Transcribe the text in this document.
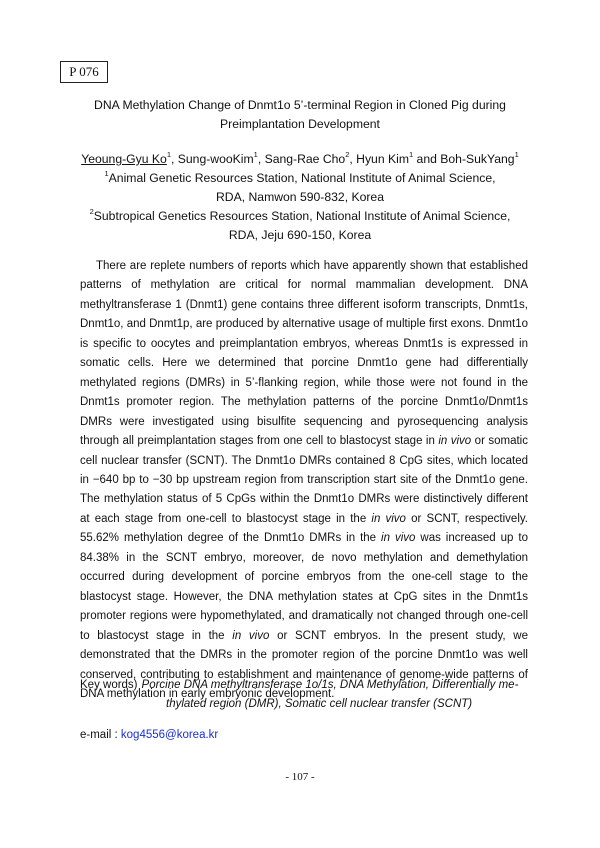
P 076
DNA Methylation Change of Dnmt1o 5’-terminal Region in Cloned Pig during
Preimplantation Development
Yeoung-Gyu Ko$^1$, Sung-wooKim$^1$, Sang-Rae Cho$^2$, Hyun Kim$^1$ and Boh-SukYang$^1$
$^1$Animal Genetic Resources Station, National Institute of Animal Science,
RDA, Namwon 590-832, Korea
$^2$Subtropical Genetics Resources Station, National Institute of Animal Science,
RDA, Jeju 690-150, Korea

There are replete numbers of reports which have apparently shown that established patterns of methylation are critical for normal mammalian development. DNA methyltransferase 1 (Dnmt1) gene contains three different isoform transcripts, Dnmt1s, Dnmt1o, and Dnmt1p, are produced by alternative usage of multiple first exons. Dnmt1o is specific to oocytes and preimplantation embryos, whereas Dnmt1s is expressed in somatic cells. Here we determined that porcine Dnmt1o gene had differentially methylated regions (DMRs) in 5’-flanking region, while those were not found in the Dnmt1s promoter region. The methylation patterns of the porcine Dnmt1o/Dnmt1s DMRs were investigated using bisulfite sequencing and pyrosequencing analysis through all preimplantation stages from one cell to blastocyst stage in in vivo or somatic cell nuclear transfer (SCNT). The Dnmt1o DMRs contained 8 CpG sites, which located in −640 bp to −30 bp upstream region from transcription start site of the Dnmt1o gene. The methylation status of 5 CpGs within the Dnmt1o DMRs were distinctively different at each stage from one-cell to blastocyst stage in the in vivo or SCNT, respectively. 55.62% methylation degree of the Dnmt1o DMRs in the in vivo was increased up to 84.38% in the SCNT embryo, moreover, de novo methylation and demethylation occurred during development of porcine embryos from the one-cell stage to the blastocyst stage. However, the DNA methylation states at CpG sites in the Dnmt1s promoter regions were hypomethylated, and dramatically not changed through one-cell to blastocyst stage in the in vivo or SCNT embryos. In the present study, we demonstrated that the DMRs in the promoter region of the porcine Dnmt1o was well conserved, contributing to establishment and maintenance of genome-wide patterns of DNA methylation in early embryonic development.

Key words) Porcine DNA methyltransferase 1o/1s, DNA Methylation, Differentially me-
thylated region (DMR), Somatic cell nuclear transfer (SCNT)
e-mail : kog4556@korea.kr
- 107 -
